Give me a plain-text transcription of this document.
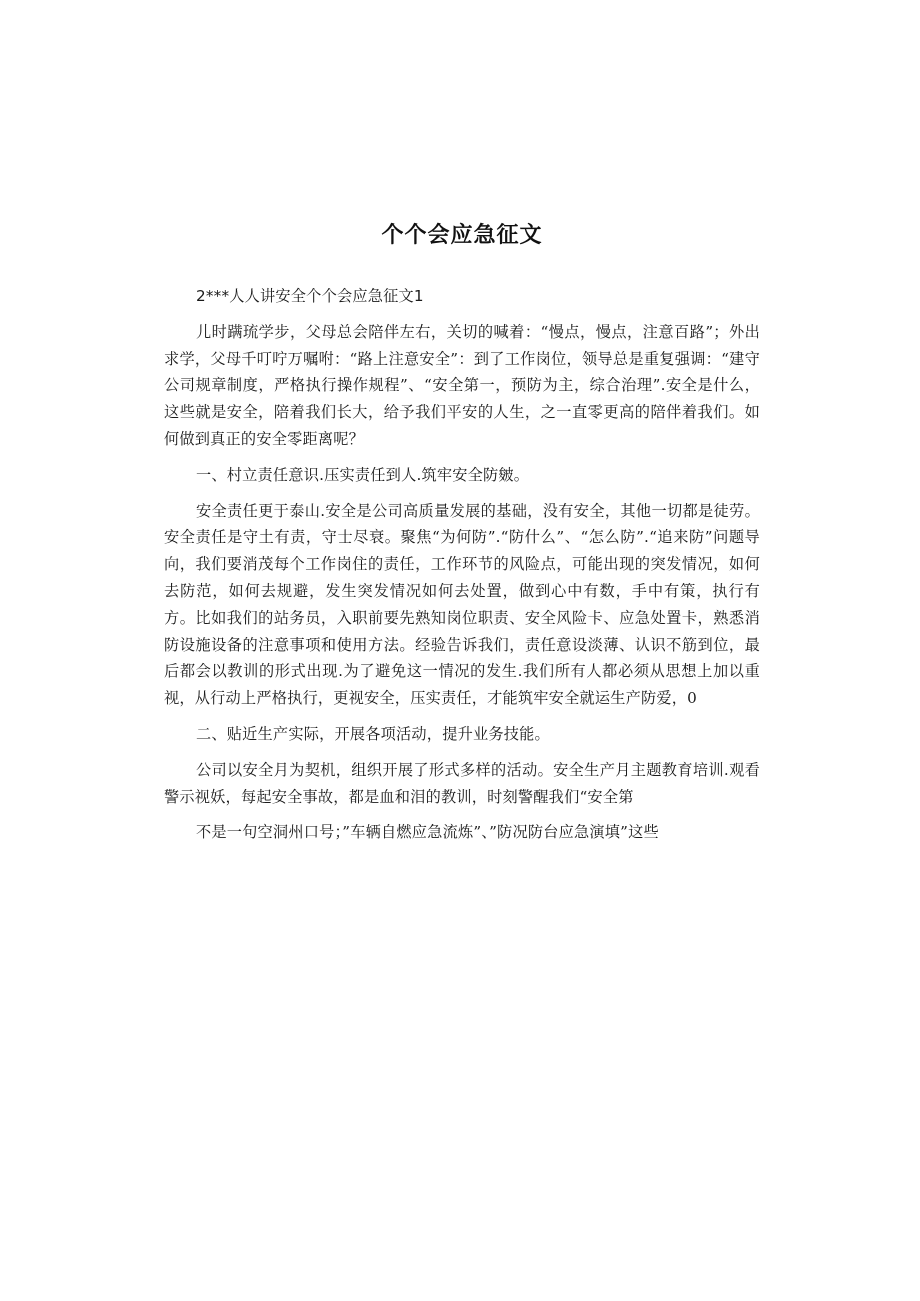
个个会应急征文

2***人人讲安全个个会应急征文1

儿时蹒琉学步，父母总会陪伴左右，关切的喊着：“慢点，慢点，注意百路”；外出求学，父母千叮咛万嘱咐：“路上注意安全”：到了工作岗位，领导总是重复强调：“建守公司规章制度，严格执行操作规程”、“安全第一，预防为主，综合治理”.安全是什么，这些就是安全，陪着我们长大，给予我们平安的人生，之一直零更高的陪伴着我们。如何做到真正的安全零距离呢？

一、村立责任意识.压实责任到人.筑牢安全防皴。

安全责任更于泰山.安全是公司高质量发展的基础，没有安全，其他一切都是徒劳。安全责任是守土有责，守士尽衰。聚焦“为何防”.“防什么”、“怎么防”.“追来防”问题导向，我们要消茂每个工作岗住的责任，工作环节的风险点，可能出现的突发情况，如何去防范，如何去规避，发生突发情况如何去处置，做到心中有数，手中有策，执行有方。比如我们的站务员，入职前要先熟知岗位职责、安全风险卡、应急处置卡，熟悉消防设施设备的注意事项和使用方法。经验告诉我们，责任意设淡薄、认识不筋到位，最后都会以教训的形式出现.为了避免这一情况的发生.我们所有人都必须从思想上加以重视，从行动上严格执行，更视安全，压实责任，才能筑牢安全就运生产防爱，0

二、贴近生产实际，开展各项活动，提升业务技能。

公司以安全月为契机，组织开展了形式多样的活动。安全生产月主题教育培训.观看警示视妖，每起安全事故，都是血和泪的教训，时刻警醒我们“安全第

不是一句空洞州口号；”车辆自燃应急流炼”、”防况防台应急演填”这些
